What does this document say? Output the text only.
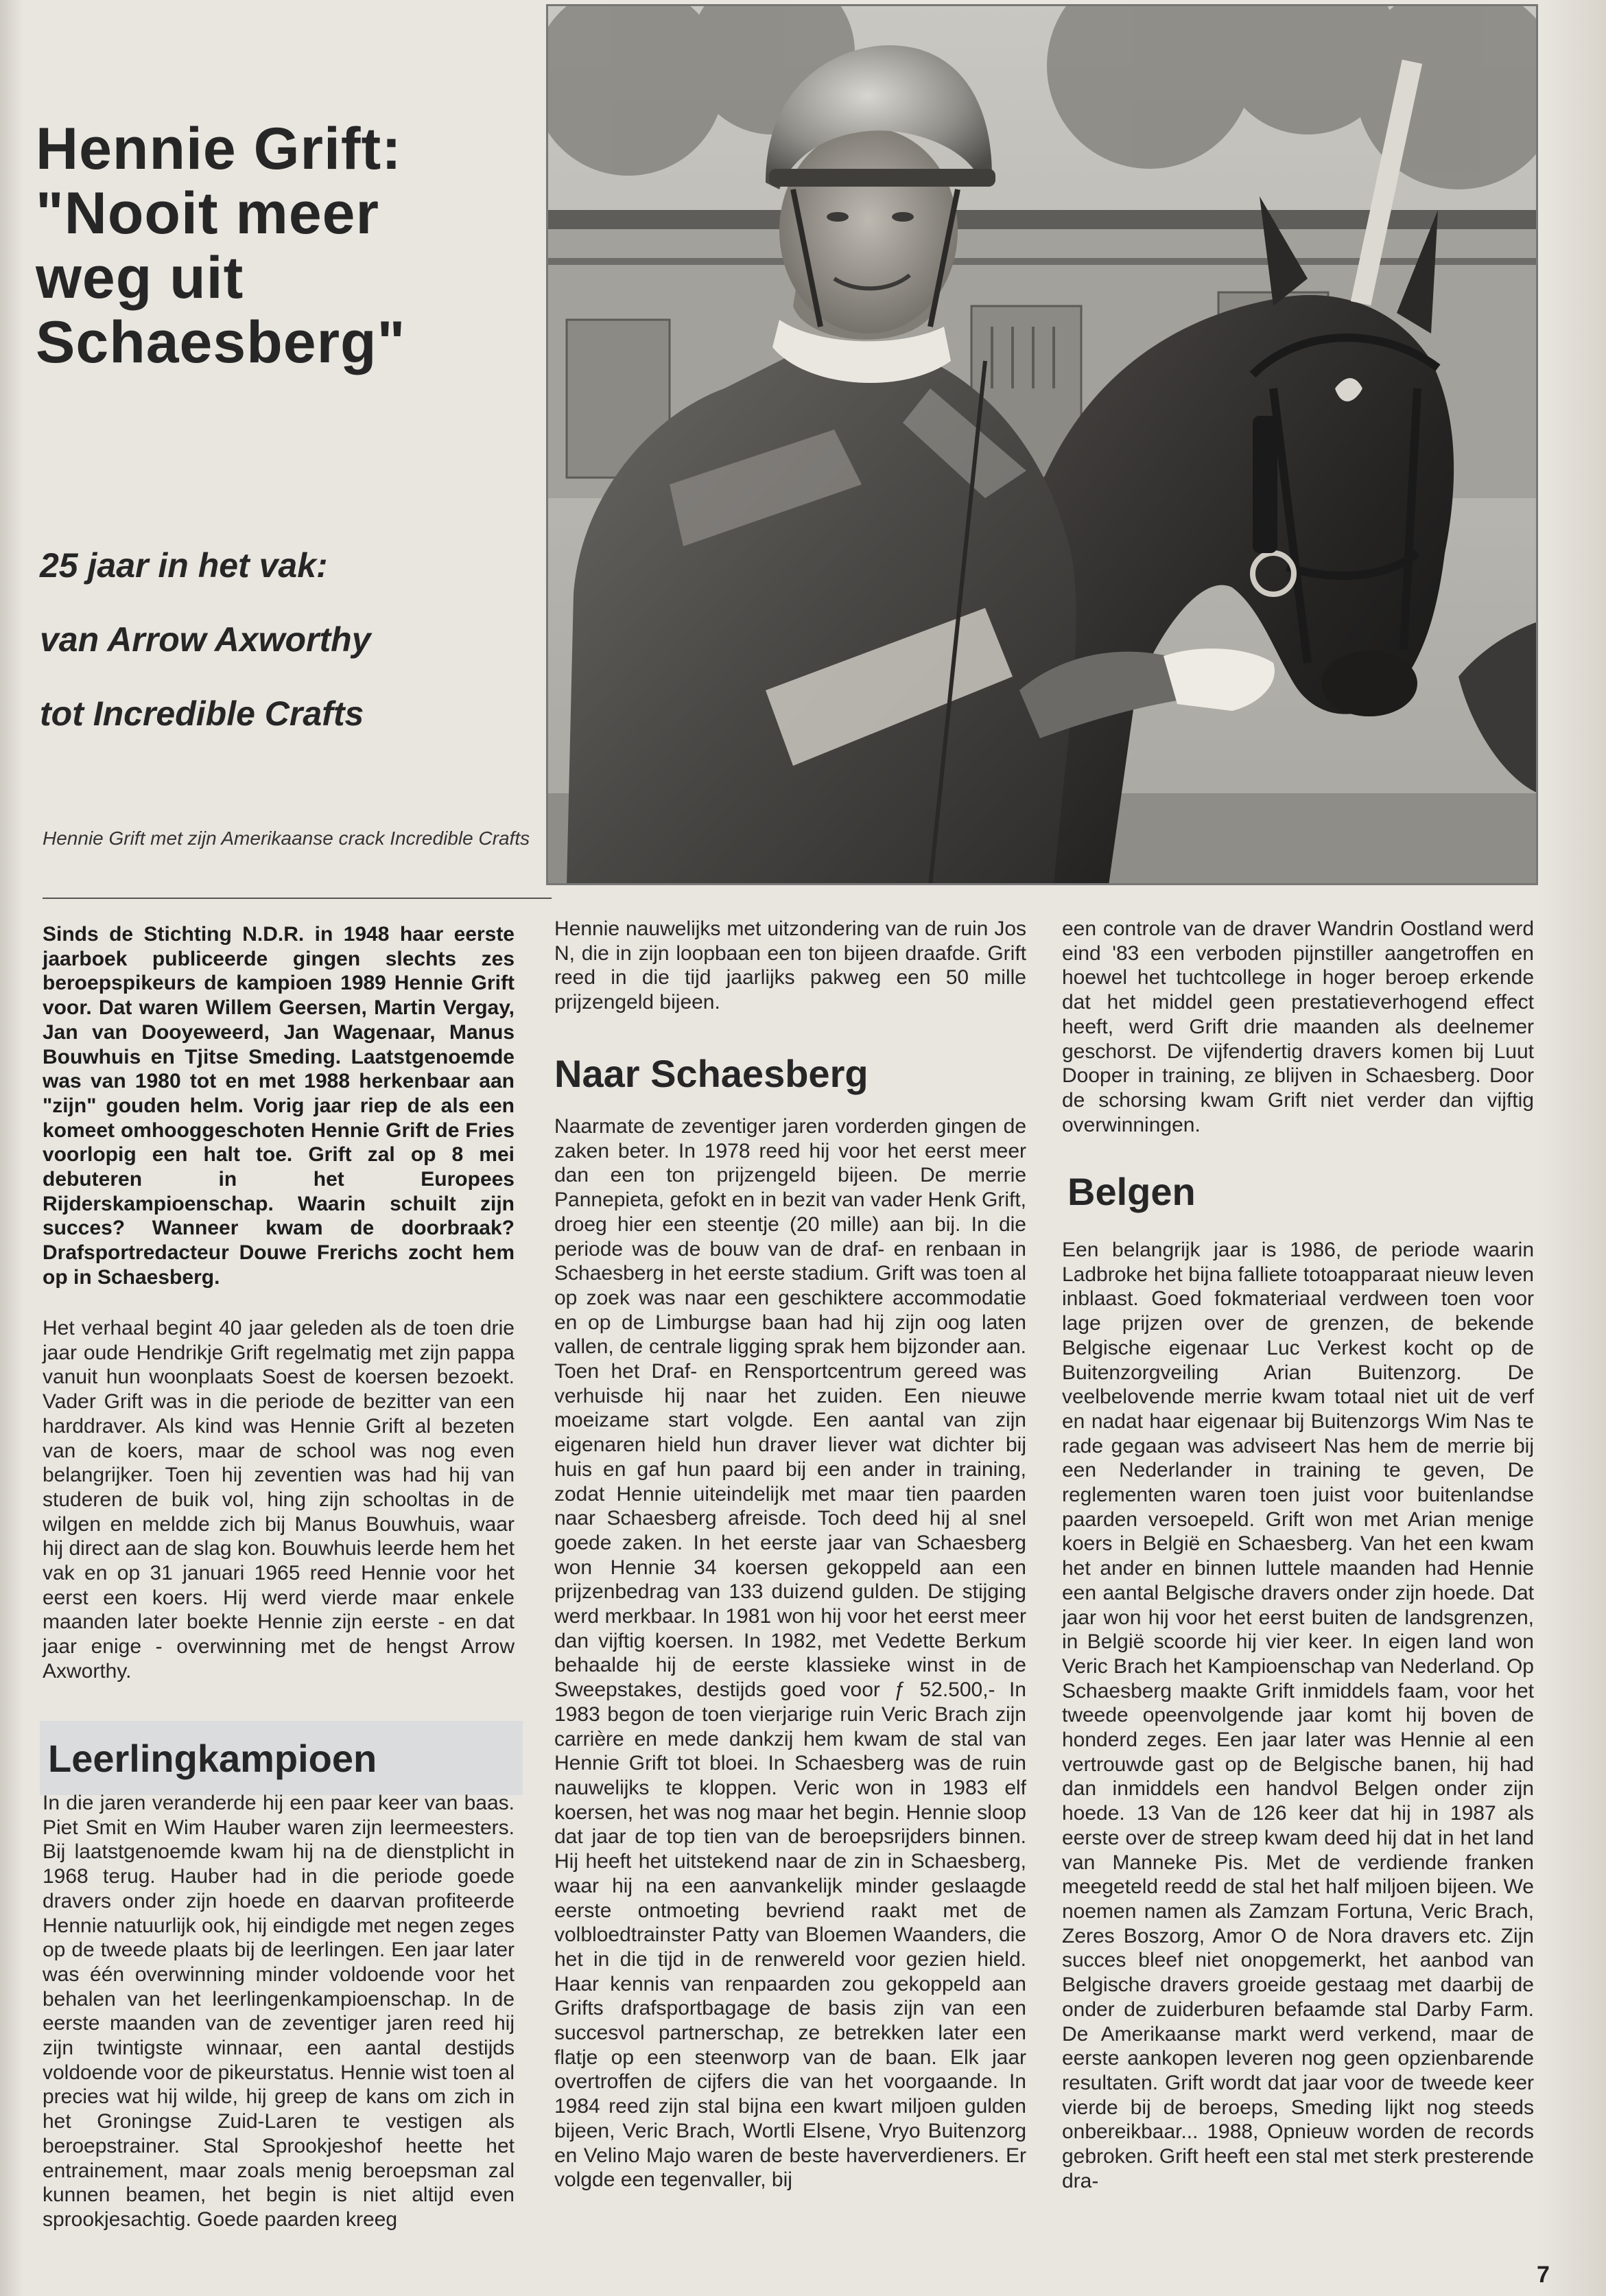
Hennie Grift:
"Nooit meer
weg uit
Schaesberg"
25 jaar in het vak:
van Arrow Axworthy
tot Incredible Crafts
Hennie Grift met zijn Amerikaanse crack Incredible Crafts
Sinds de Stichting N.D.R. in 1948 haar eerste jaarboek publiceerde gingen slechts zes beroepspikeurs de kampioen 1989 Hennie Grift voor. Dat waren Willem Geersen, Martin Vergay, Jan van Dooyeweerd, Jan Wagenaar, Manus Bouwhuis en Tjitse Smeding. Laatstgenoemde was van 1980 tot en met 1988 herkenbaar aan "zijn" gouden helm. Vorig jaar riep de als een komeet omhooggeschoten Hennie Grift de Fries voorlopig een halt toe. Grift zal op 8 mei debuteren in het Europees Rijderskampioenschap. Waarin schuilt zijn succes? Wanneer kwam de doorbraak? Drafsportredacteur Douwe Frerichs zocht hem op in Schaesberg.
Het verhaal begint 40 jaar geleden als de toen drie jaar oude Hendrikje Grift regelmatig met zijn pappa vanuit hun woonplaats Soest de koersen bezoekt. Vader Grift was in die periode de bezitter van een harddraver. Als kind was Hennie Grift al bezeten van de koers, maar de school was nog even belangrijker. Toen hij zeventien was had hij van studeren de buik vol, hing zijn schooltas in de wilgen en meldde zich bij Manus Bouwhuis, waar hij direct aan de slag kon. Bouwhuis leerde hem het vak en op 31 januari 1965 reed Hennie voor het eerst een koers. Hij werd vierde maar enkele maanden later boekte Hennie zijn eerste - en dat jaar enige - overwinning met de hengst Arrow Axworthy.
Leerlingkampioen
In die jaren veranderde hij een paar keer van baas. Piet Smit en Wim Hauber waren zijn leermeesters. Bij laatstgenoemde kwam hij na de dienstplicht in 1968 terug. Hauber had in die periode goede dravers onder zijn hoede en daarvan profiteerde Hennie natuurlijk ook, hij eindigde met negen zeges op de tweede plaats bij de leerlingen. Een jaar later was één overwinning minder voldoende voor het behalen van het leerlingenkampioenschap. In de eerste maanden van de zeventiger jaren reed hij zijn twintigste winnaar, een aantal destijds voldoende voor de pikeurstatus. Hennie wist toen al precies wat hij wilde, hij greep de kans om zich in het Groningse Zuid-Laren te vestigen als beroepstrainer. Stal Sprookjeshof heette het entrainement, maar zoals menig beroepsman zal kunnen beamen, het begin is niet altijd even sprookjesachtig. Goede paarden kreeg
Hennie nauwelijks met uitzondering van de ruin Jos N, die in zijn loopbaan een ton bijeen draafde. Grift reed in die tijd jaarlijks pakweg een 50 mille prijzengeld bijeen.
Naar Schaesberg
Naarmate de zeventiger jaren vorderden gingen de zaken beter. In 1978 reed hij voor het eerst meer dan een ton prijzengeld bijeen. De merrie Pannepieta, gefokt en in bezit van vader Henk Grift, droeg hier een steentje (20 mille) aan bij. In die periode was de bouw van de draf- en renbaan in Schaesberg in het eerste stadium. Grift was toen al op zoek was naar een geschiktere accommodatie en op de Limburgse baan had hij zijn oog laten vallen, de centrale ligging sprak hem bijzonder aan. Toen het Draf- en Rensportcentrum gereed was verhuisde hij naar het zuiden. Een nieuwe moeizame start volgde. Een aantal van zijn eigenaren hield hun draver liever wat dichter bij huis en gaf hun paard bij een ander in training, zodat Hennie uiteindelijk met maar tien paarden naar Schaesberg afreisde. Toch deed hij al snel goede zaken. In het eerste jaar van Schaesberg won Hennie 34 koersen gekoppeld aan een prijzenbedrag van 133 duizend gulden. De stijging werd merkbaar. In 1981 won hij voor het eerst meer dan vijftig koersen. In 1982, met Vedette Berkum behaalde hij de eerste klassieke winst in de Sweepstakes, destijds goed voor ƒ 52.500,- In 1983 begon de toen vierjarige ruin Veric Brach zijn carrière en mede dankzij hem kwam de stal van Hennie Grift tot bloei. In Schaesberg was de ruin nauwelijks te kloppen. Veric won in 1983 elf koersen, het was nog maar het begin. Hennie sloop dat jaar de top tien van de beroepsrijders binnen. Hij heeft het uitstekend naar de zin in Schaesberg, waar hij na een aanvankelijk minder geslaagde eerste ontmoeting bevriend raakt met de volbloedtrainster Patty van Bloemen Waanders, die het in die tijd in de renwereld voor gezien hield. Haar kennis van renpaarden zou gekoppeld aan Grifts drafsportbagage de basis zijn van een succesvol partnerschap, ze betrekken later een flatje op een steenworp van de baan. Elk jaar overtroffen de cijfers die van het voorgaande. In 1984 reed zijn stal bijna een kwart miljoen gulden bijeen, Veric Brach, Wortli Elsene, Vryo Buitenzorg en Velino Majo waren de beste haververdieners. Er volgde een tegenvaller, bij
een controle van de draver Wandrin Oostland werd eind '83 een verboden pijnstiller aangetroffen en hoewel het tuchtcollege in hoger beroep erkende dat het middel geen prestatieverhogend effect heeft, werd Grift drie maanden als deelnemer geschorst. De vijfendertig dravers komen bij Luut Dooper in training, ze blijven in Schaesberg. Door de schorsing kwam Grift niet verder dan vijftig overwinningen.
Belgen
Een belangrijk jaar is 1986, de periode waarin Ladbroke het bijna falliete totoapparaat nieuw leven inblaast. Goed fokmateriaal verdween toen voor lage prijzen over de grenzen, de bekende Belgische eigenaar Luc Verkest kocht op de Buitenzorgveiling Arian Buitenzorg. De veelbelovende merrie kwam totaal niet uit de verf en nadat haar eigenaar bij Buitenzorgs Wim Nas te rade gegaan was adviseert Nas hem de merrie bij een Nederlander in training te geven, De reglementen waren toen juist voor buitenlandse paarden versoepeld. Grift won met Arian menige koers in België en Schaesberg. Van het een kwam het ander en binnen luttele maanden had Hennie een aantal Belgische dravers onder zijn hoede. Dat jaar won hij voor het eerst buiten de landsgrenzen, in België scoorde hij vier keer. In eigen land won Veric Brach het Kampioenschap van Nederland. Op Schaesberg maakte Grift inmiddels faam, voor het tweede opeenvolgende jaar komt hij boven de honderd zeges. Een jaar later was Hennie al een vertrouwde gast op de Belgische banen, hij had dan inmiddels een handvol Belgen onder zijn hoede. 13 Van de 126 keer dat hij in 1987 als eerste over de streep kwam deed hij dat in het land van Manneke Pis. Met de verdiende franken meegeteld reedd de stal het half miljoen bijeen. We noemen namen als Zamzam Fortuna, Veric Brach, Zeres Boszorg, Amor O de Nora dravers etc. Zijn succes bleef niet onopgemerkt, het aanbod van Belgische dravers groeide gestaag met daarbij de onder de zuiderburen befaamde stal Darby Farm. De Amerikaanse markt werd verkend, maar de eerste aankopen leveren nog geen opzienbarende resultaten. Grift wordt dat jaar voor de tweede keer vierde bij de beroeps, Smeding lijkt nog steeds onbereikbaar... 1988, Opnieuw worden de records gebroken. Grift heeft een stal met sterk presterende dra-
7
